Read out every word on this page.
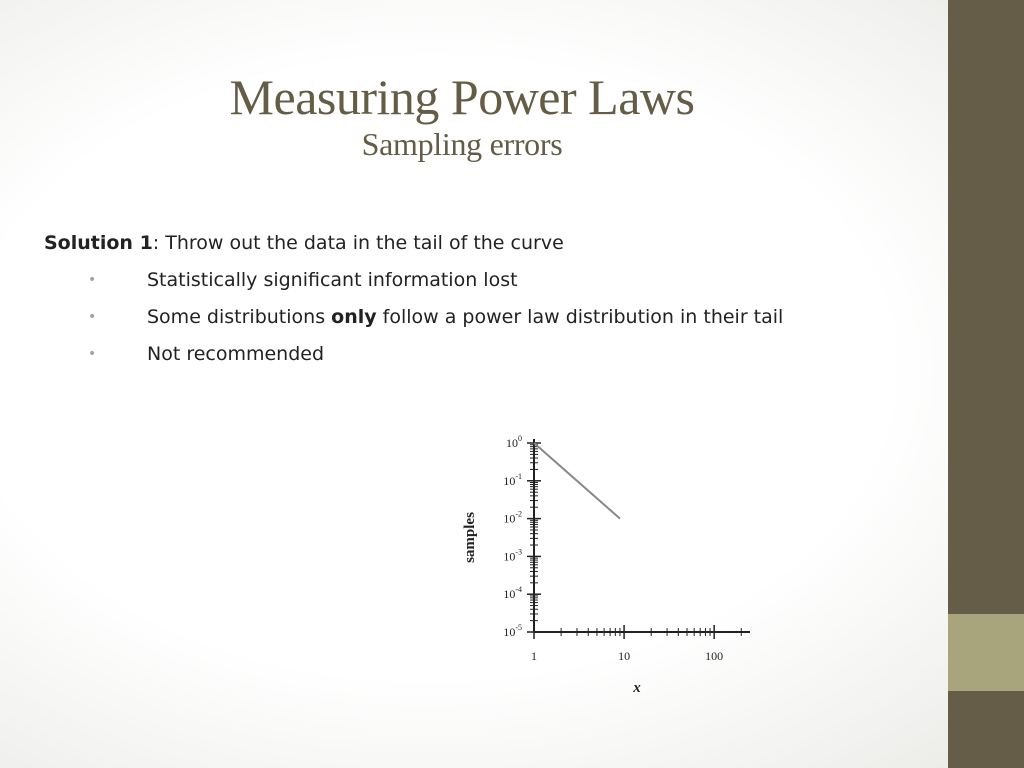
Measuring Power Laws
Sampling errors
Solution 1: Throw out the data in the tail of the curve
•	Statistically significant information lost
•	Some distributions only follow a power law distribution in their tail
•	Not recommended
$10^0$
$10^{-1}$
$10^{-2}$
$10^{-3}$
$10^{-4}$
$10^{-5}$
1	10	100
x
samples
